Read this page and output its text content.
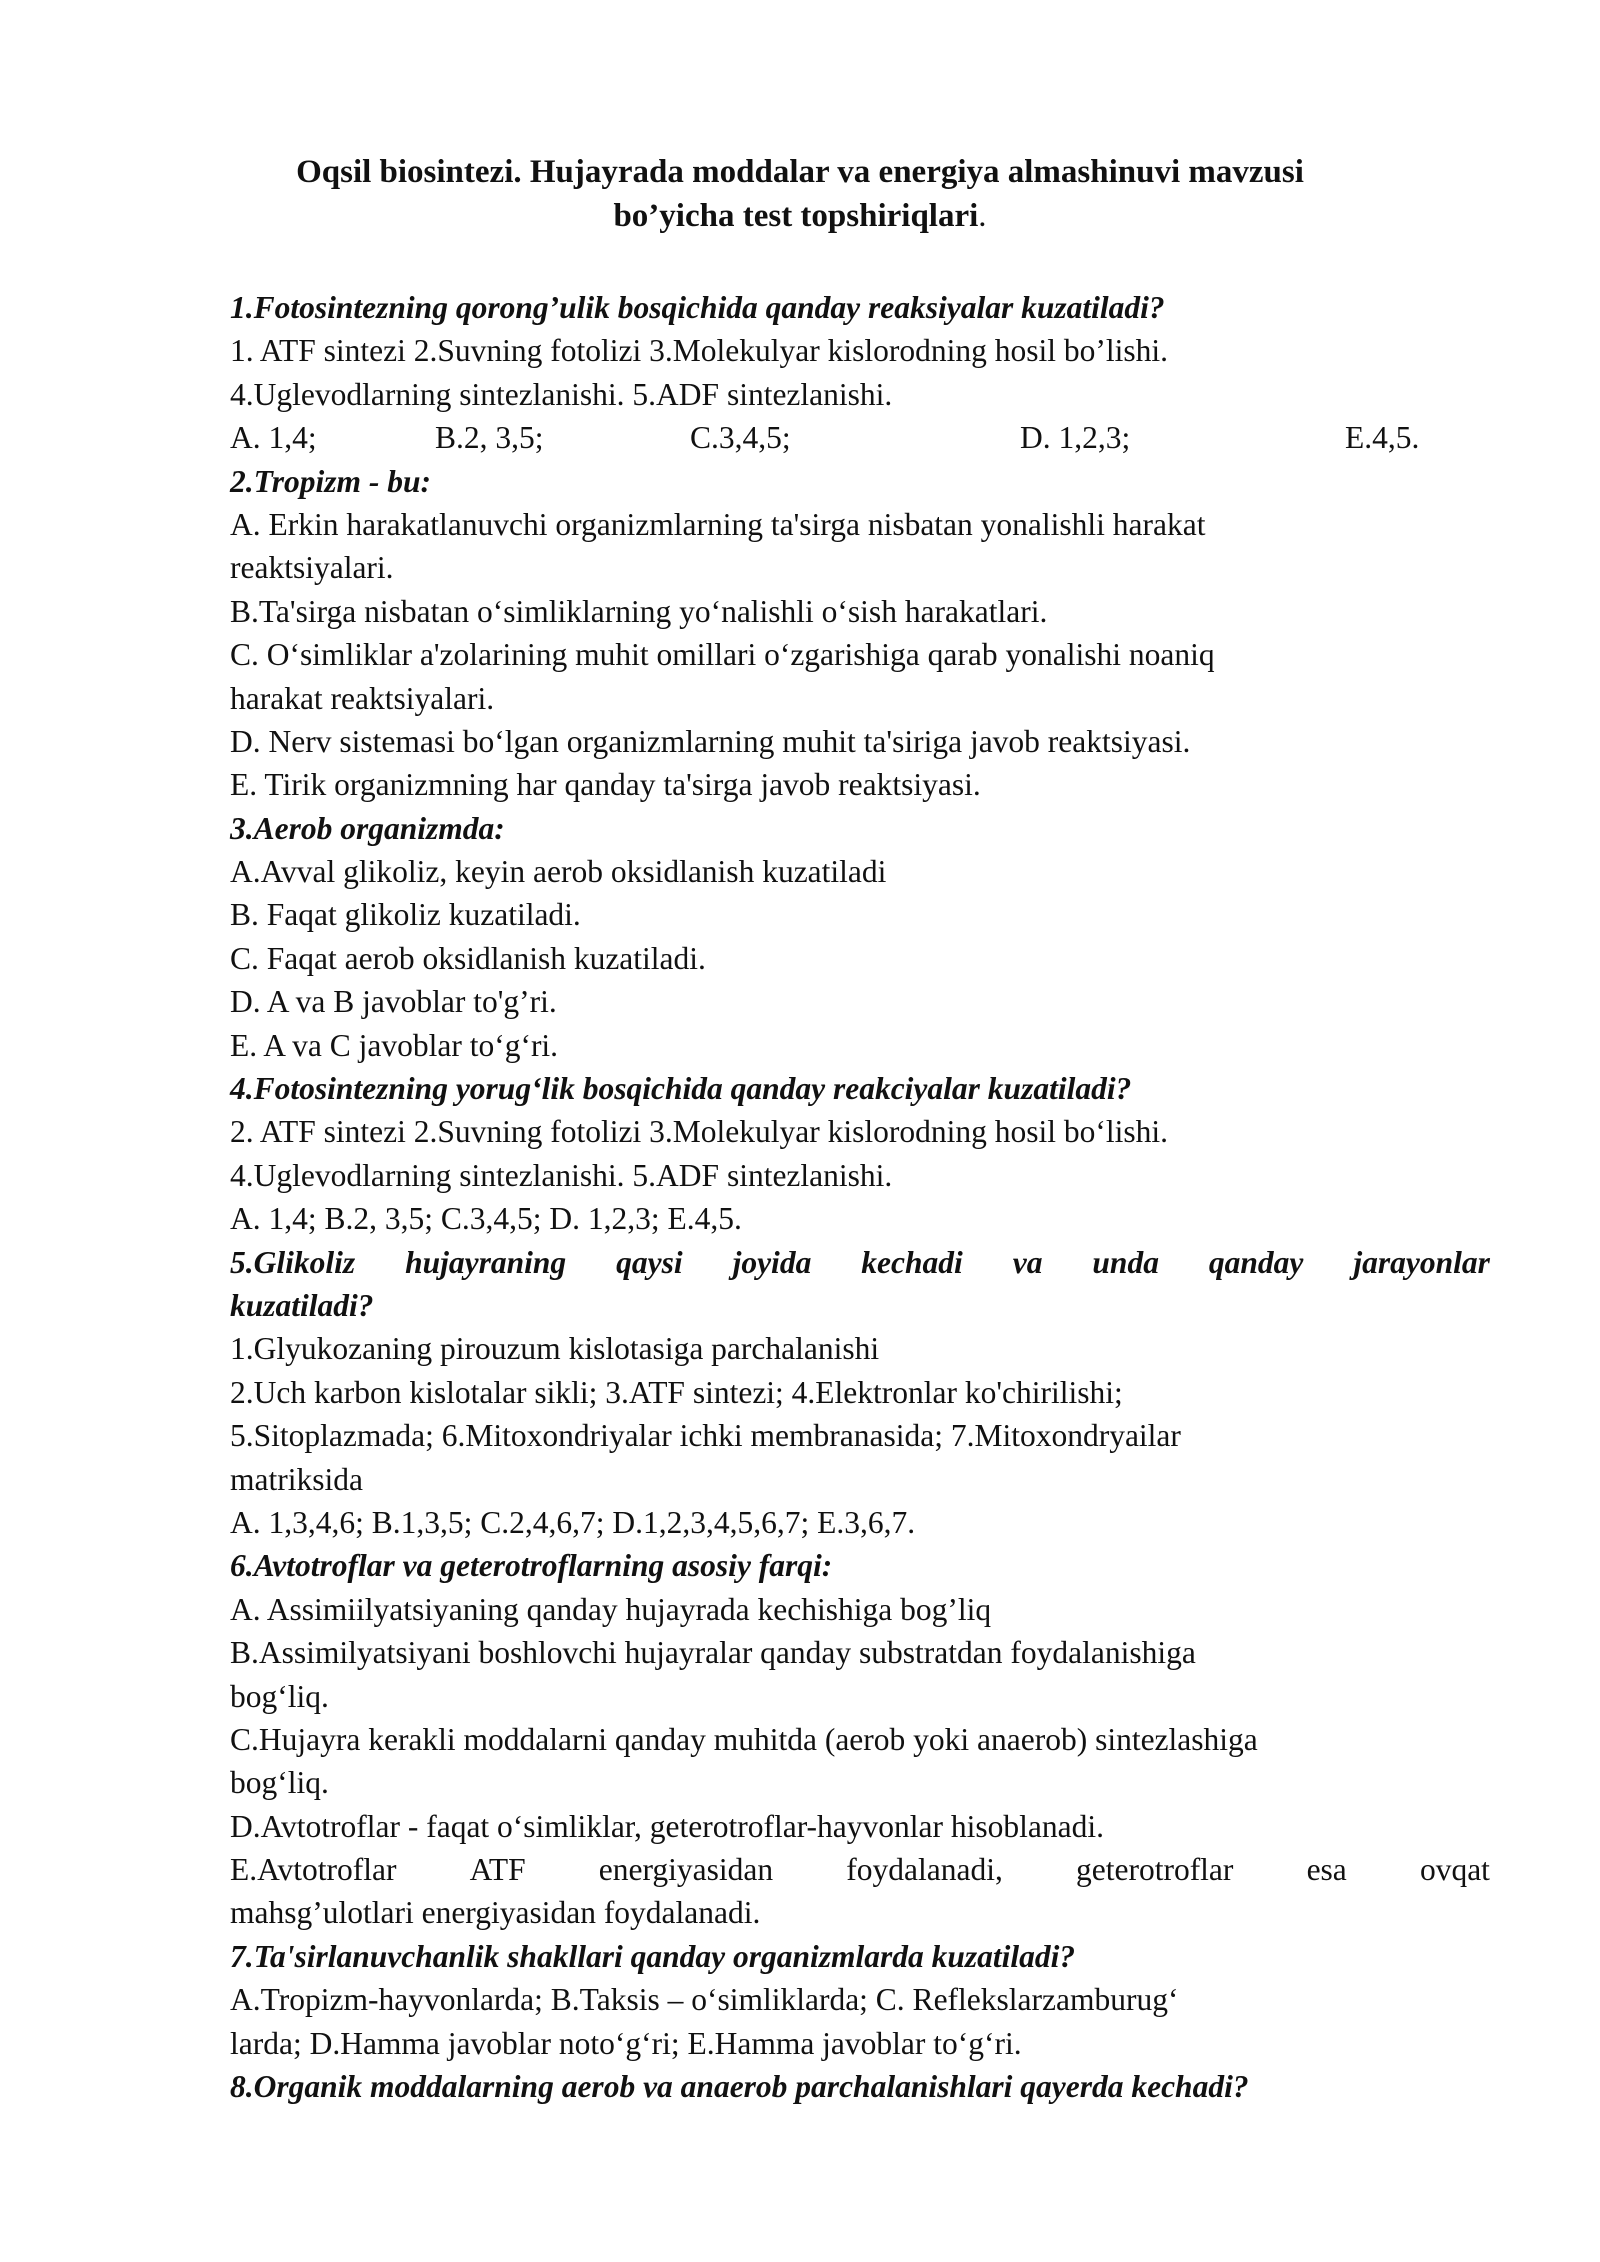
Oqsil biosintezi. Hujayrada moddalar va energiya almashinuvi mavzusi
bo’yicha test topshiriqlari.
1.Fotosintezning qorong’ulik bosqichida qanday reaksiyalar kuzatiladi?
1. ATF sintezi 2.Suvning fotolizi 3.Molekulyar kislorodning hosil bo’lishi.
4.Uglevodlarning sintezlanishi. 5.ADF sintezlanishi.
A. 1,4;	B.2, 3,5;	C.3,4,5;	D. 1,2,3;	E.4,5.
2.Tropizm - bu:
A. Erkin harakatlanuvchi organizmlarning ta'sirga nisbatan yonalishli harakat
reaktsiyalari.
B.Ta'sirga nisbatan o‘simliklarning yo‘nalishli o‘sish harakatlari.
C. O‘simliklar a'zolarining muhit omillari o‘zgarishiga qarab yonalishi noaniq
harakat reaktsiyalari.
D. Nerv sistemasi bo‘lgan organizmlarning muhit ta'siriga javob reaktsiyasi.
E. Tirik organizmning har qanday ta'sirga javob reaktsiyasi.
3.Aerob organizmda:
A.Avval glikoliz, keyin aerob oksidlanish kuzatiladi
B. Faqat glikoliz kuzatiladi.
C. Faqat aerob oksidlanish kuzatiladi.
D. A va B javoblar to'g’ri.
E. A va C javoblar to‘g‘ri.
4.Fotosintezning yorug‘lik bosqichida qanday reakciyalar kuzatiladi?
2. ATF sintezi 2.Suvning fotolizi 3.Molekulyar kislorodning hosil bo‘lishi.
4.Uglevodlarning sintezlanishi. 5.ADF sintezlanishi.
A. 1,4; B.2, 3,5; C.3,4,5; D. 1,2,3; E.4,5.
5.Glikoliz hujayraning qaysi joyida kechadi va unda qanday jarayonlar
kuzatiladi?
1.Glyukozaning pirouzum kislotasiga parchalanishi
2.Uch karbon kislotalar sikli; 3.ATF sintezi; 4.Elektronlar ko'chirilishi;
5.Sitoplazmada; 6.Mitoxondriyalar ichki membranasida; 7.Mitoxondryailar
matriksida
A. 1,3,4,6; B.1,3,5; C.2,4,6,7; D.1,2,3,4,5,6,7; E.3,6,7.
6.Avtotroflar va geterotroflarning asosiy farqi:
A. Assimiilyatsiyaning qanday hujayrada kechishiga bog’liq
B.Assimilyatsiyani boshlovchi hujayralar qanday substratdan foydalanishiga
bog‘liq.
C.Hujayra kerakli moddalarni qanday muhitda (aerob yoki anaerob) sintezlashiga
bog‘liq.
D.Avtotroflar - faqat o‘simliklar, geterotroflar-hayvonlar hisoblanadi.
E.Avtotroflar ATF energiyasidan foydalanadi, geterotroflar esa ovqat
mahsg’ulotlari energiyasidan foydalanadi.
7.Ta'sirlanuvchanlik shakllari qanday organizmlarda kuzatiladi?
A.Tropizm-hayvonlarda; B.Taksis – o‘simliklarda; C. Reflekslarzamburug‘
larda; D.Hamma javoblar noto‘g‘ri; E.Hamma javoblar to‘g‘ri.
8.Organik moddalarning aerob va anaerob parchalanishlari qayerda kechadi?
